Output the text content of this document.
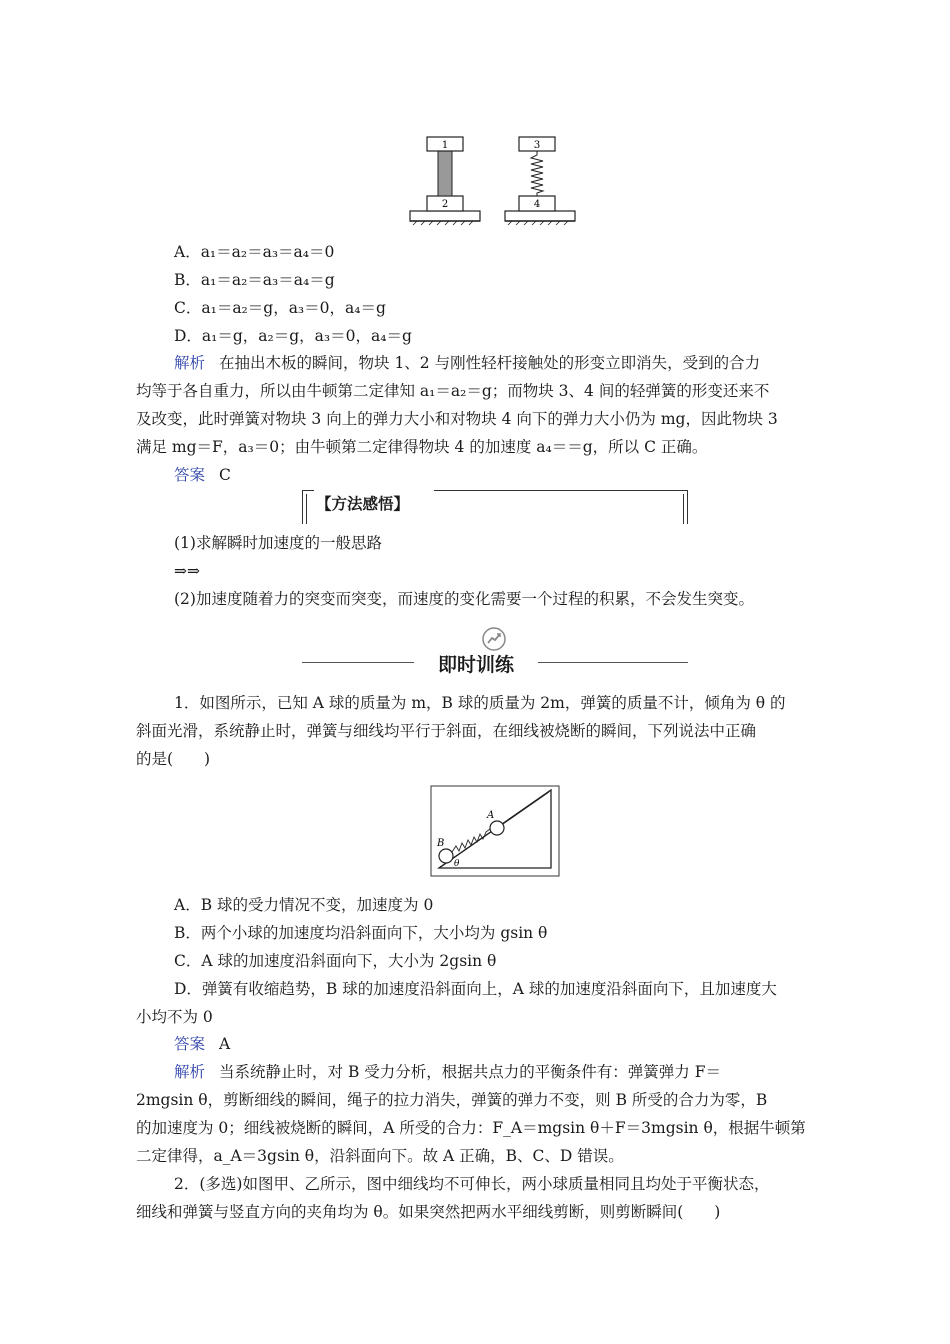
1
2
3
4
A．a₁＝a₂＝a₃＝a₄＝0
B．a₁＝a₂＝a₃＝a₄＝g
C．a₁＝a₂＝g，a₃＝0，a₄＝g
D．a₁＝g，a₂＝g，a₃＝0，a₄＝g
解析 在抽出木板的瞬间，物块 1、2 与刚性轻杆接触处的形变立即消失，受到的合力
均等于各自重力，所以由牛顿第二定律知 a₁＝a₂＝g；而物块 3、4 间的轻弹簧的形变还来不
及改变，此时弹簧对物块 3 向上的弹力大小和对物块 4 向下的弹力大小仍为 mg，因此物块 3
满足 mg＝F，a₃＝0；由牛顿第二定律得物块 4 的加速度 a₄＝＝g，所以 C 正确。
答案 C
【方法感悟】
(1)求解瞬时加速度的一般思路
⇒⇒
(2)加速度随着力的突变而突变，而速度的变化需要一个过程的积累，不会发生突变。
即时训练
1．如图所示，已知 A 球的质量为 m，B 球的质量为 2m，弹簧的质量不计，倾角为 θ 的
斜面光滑，系统静止时，弹簧与细线均平行于斜面，在细线被烧断的瞬间，下列说法中正确
的是(　　)
A
B
θ
A．B 球的受力情况不变，加速度为 0
B．两个小球的加速度均沿斜面向下，大小均为 gsin θ
C．A 球的加速度沿斜面向下，大小为 2gsin θ
D．弹簧有收缩趋势，B 球的加速度沿斜面向上，A 球的加速度沿斜面向下，且加速度大
小均不为 0
答案 A
解析 当系统静止时，对 B 受力分析，根据共点力的平衡条件有：弹簧弹力 F＝
2mgsin θ，剪断细线的瞬间，绳子的拉力消失，弹簧的弹力不变，则 B 所受的合力为零，B
的加速度为 0；细线被烧断的瞬间，A 所受的合力：F_A＝mgsin θ＋F＝3mgsin θ，根据牛顿第
二定律得，a_A＝3gsin θ，沿斜面向下。故 A 正确，B、C、D 错误。
2．(多选)如图甲、乙所示，图中细线均不可伸长，两小球质量相同且均处于平衡状态，
细线和弹簧与竖直方向的夹角均为 θ。如果突然把两水平细线剪断，则剪断瞬间(　　)
